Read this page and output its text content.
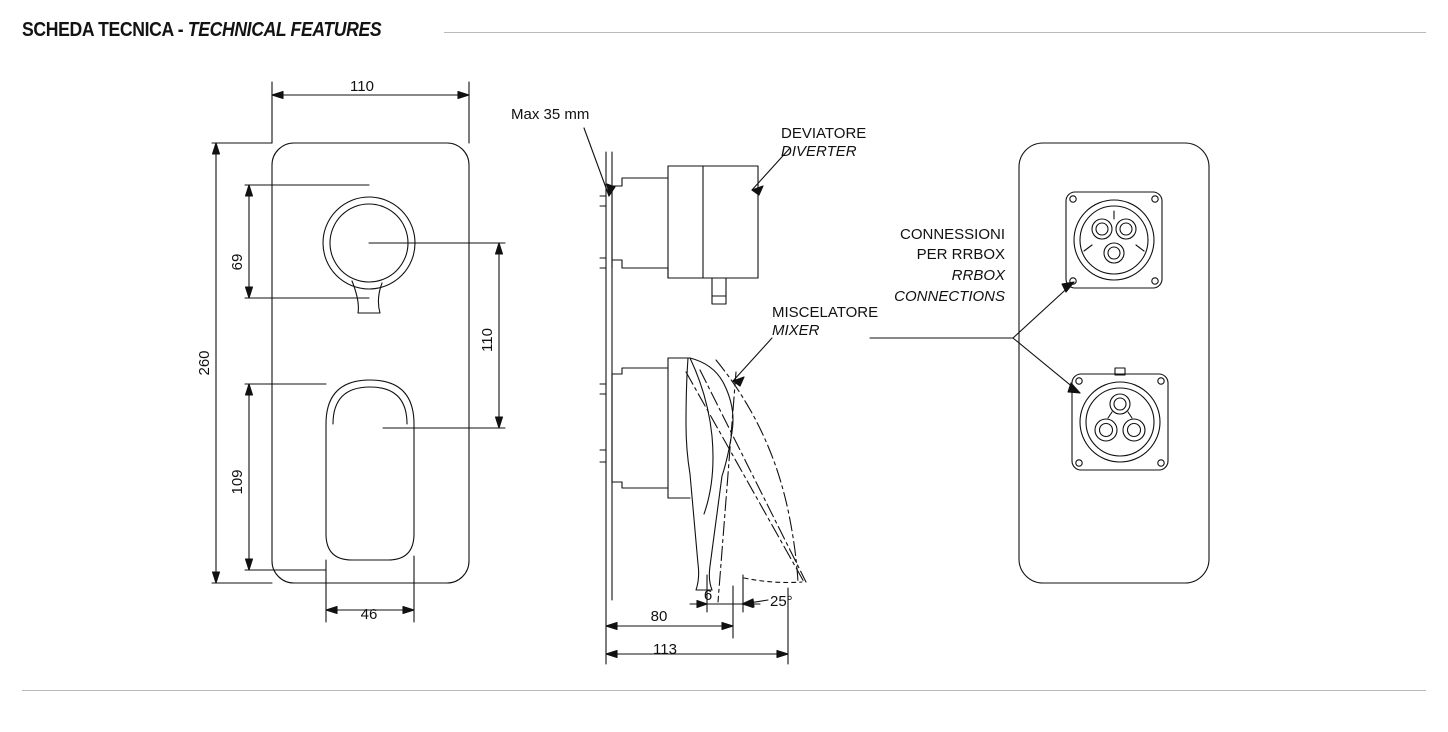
SCHEDA TECNICA - TECHNICAL FEATURES
110
260
69
109
110
46
Max 35 mm
DEVIATORE
DIVERTER
MISCELATORE
MIXER
80
6
113
25°
CONNESSIONI
PER RRBOX
RRBOX
CONNECTIONS
